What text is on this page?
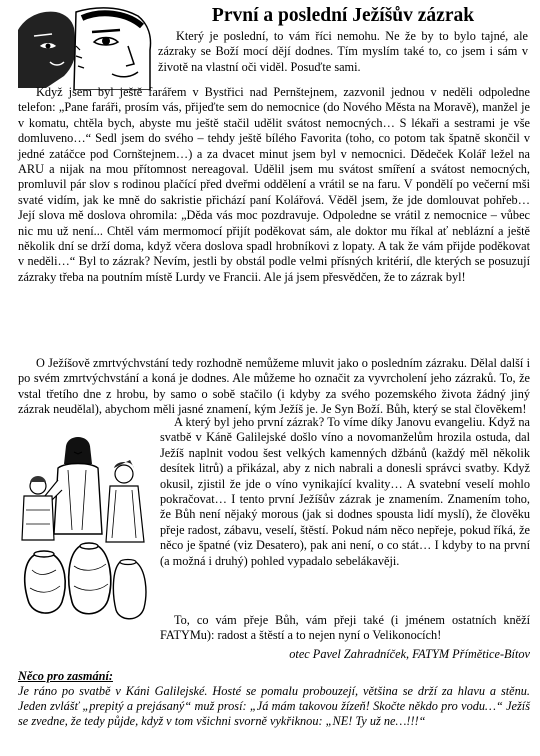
První a poslední Ježíšův zázrak

Který je poslední, to vám říci nemohu. Ne že by to bylo tajné, ale zázraky se Boží mocí dějí dodnes. Tím myslím také to, co jsem i sám v životě na vlastní oči viděl. Posuďte sami.

Když jsem byl ještě farářem v Bystřici nad Pernštejnem, zazvonil jednou v neděli odpoledne telefon: „Pane faráři, prosím vás, přijeďte sem do nemocnice (do Nového Města na Moravě), manžel je v komatu, chtěla bych, abyste mu ještě stačil udělit svátost nemocných… S lékaři a sestrami je vše domluveno…“ Sedl jsem do svého – tehdy ještě bílého Favorita (toho, co potom tak špatně skončil v jedné zatáčce pod Cornštejnem…) a za dvacet minut jsem byl v nemocnici. Dědeček Kolář ležel na ARU a nijak na mou přítomnost nereagoval. Udělil jsem mu svátost smíření a svátost nemocných, promluvil pár slov s rodinou plačící před dveřmi oddělení a vrátil se na faru. V pondělí po večerní mši svaté vidím, jak ke mně do sakristie přichází paní Kolářová. Věděl jsem, že jde domlouvat pohřeb… Její slova mě doslova ohromila: „Děda vás moc pozdravuje. Odpoledne se vrátil z nemocnice – vůbec nic mu už není... Chtěl vám mermomocí přijít poděkovat sám, ale doktor mu říkal ať neblázní a ještě několik dní se drží doma, když včera doslova spadl hrobníkovi z lopaty. A tak že vám přijde poděkovat v neděli…“ Byl to zázrak? Nevím, jestli by obstál podle velmi přísných kritérií, dle kterých se posuzují zázraky třeba na poutním místě Lurdy ve Francii. Ale já jsem přesvědčen, že to zázrak byl!

O Ježíšově zmrtvýchvstání tedy rozhodně nemůžeme mluvit jako o posledním zázraku. Dělal další i po svém zmrtvýchvstání a koná je dodnes. Ale můžeme ho označit za vyvrcholení jeho zázraků. To, že vstal třetího dne z hrobu, by samo o sobě stačilo (i kdyby za svého pozemského života žádný jiný zázrak neudělal), abychom měli jasné znamení, kým Ježíš je. Je Syn Boží. Bůh, který se stal člověkem!

A který byl jeho první zázrak? To víme díky Janovu evangeliu. Když na svatbě v Káně Galilejské došlo víno a novomanželům hrozila ostuda, dal Ježíš naplnit vodou šest velkých kamenných džbánů (každý měl několik desítek litrů) a přikázal, aby z nich nabrali a donesli správci svatby. Když okusil, zjistil že jde o víno vynikající kvality… A svatební veselí mohlo pokračovat… I tento první Ježíšův zázrak je znamením. Znamením toho, že Bůh není nějaký morous (jak si dodnes spousta lidí myslí), že člověku přeje radost, zábavu, veselí, štěstí. Pokud nám něco nepřeje, pokud říká, že něco je špatné (viz Desatero), pak ani není, o co stát… I kdyby to na první (a možná i druhý) pohled vypadalo sebelákavěji.

To, co vám přeje Bůh, vám přeji také (i jménem ostatních kněží FATYMu): radost a štěstí a to nejen nyní o Velikonocích!

otec Pavel Zahradníček, FATYM Přímětice-Bítov
Něco pro zasmání:

Je ráno po svatbě v Káni Galilejské. Hosté se pomalu probouzejí, většina se drží za hlavu a stěnu. Jeden zvlášť „prepitý a prejásaný“ muž prosí: „Já mám takovou žízeň! Skočte někdo pro vodu…“ Ježíš se zvedne, že tedy půjde, když v tom všichni svorně vykřiknou: „NE! Ty už ne…!!!“
